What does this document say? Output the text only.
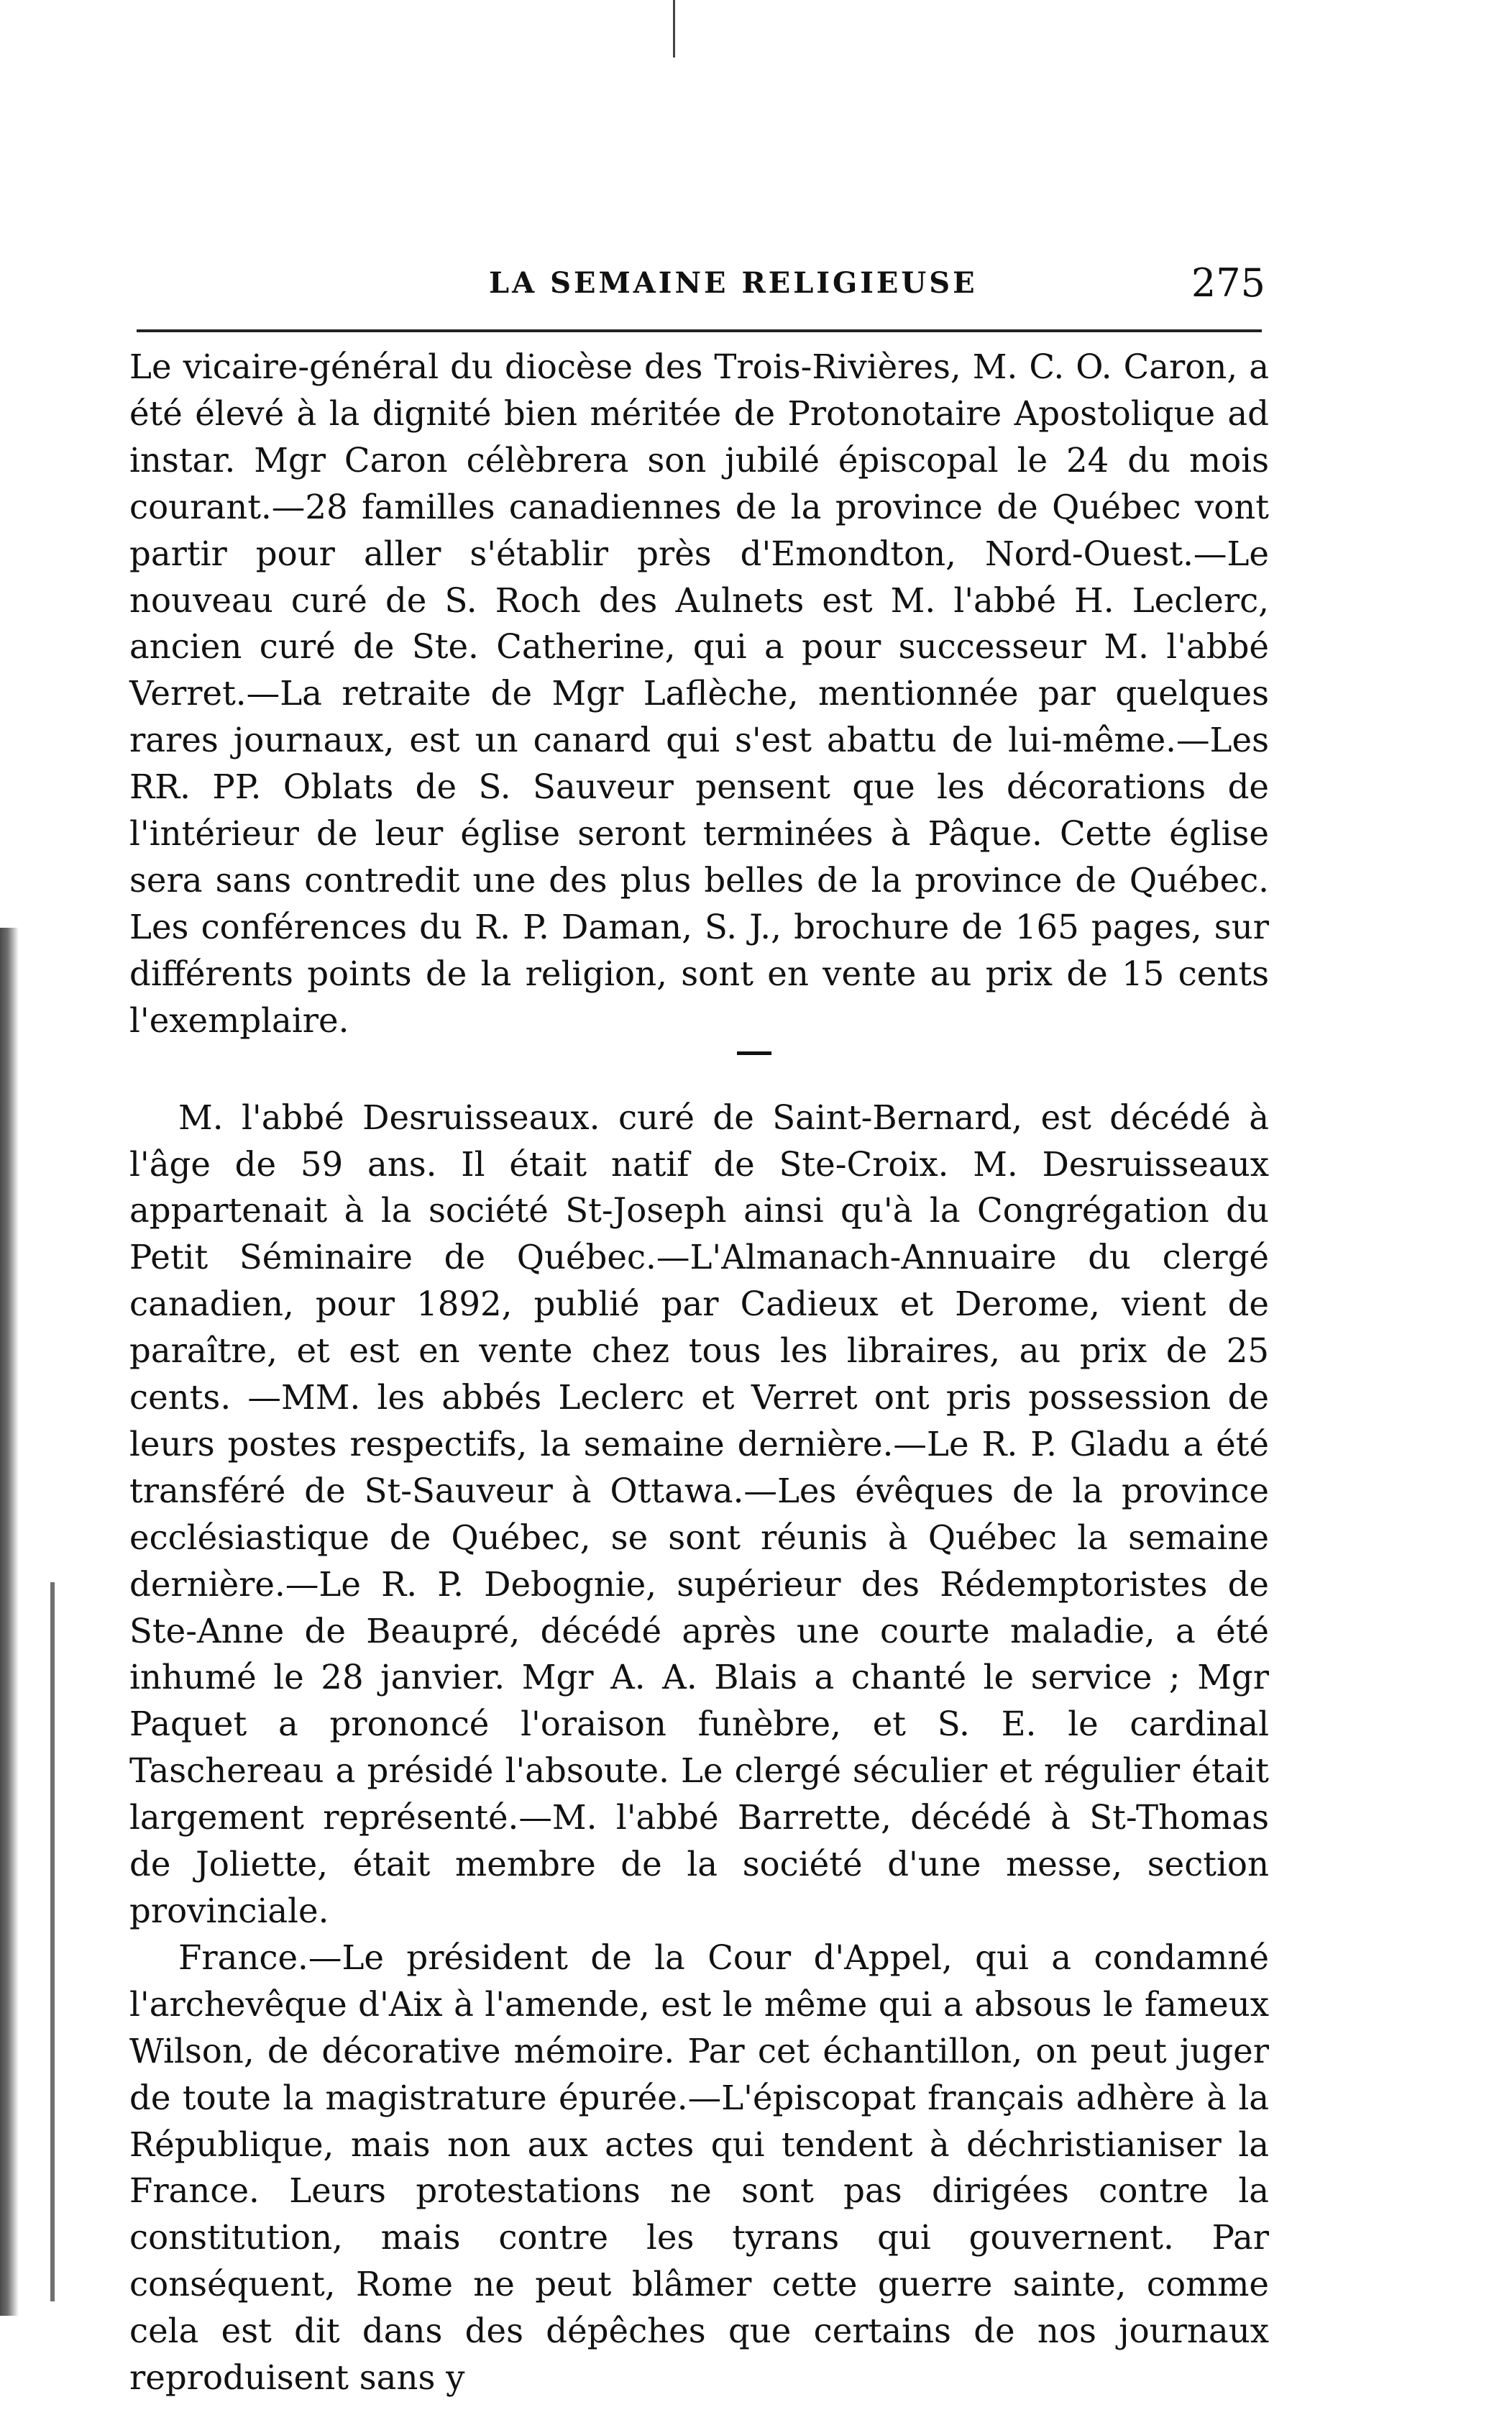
LA SEMAINE RELIGIEUSE	275

Le vicaire-général du diocèse des Trois-Rivières, M. C. O. Caron, a été élevé à la dignité bien méritée de Protonotaire Apostolique ad instar. Mgr Caron célèbrera son jubilé épiscopal le 24 du mois courant.—28 familles canadiennes de la province de Québec vont partir pour aller s'établir près d'Emondton, Nord-Ouest.—Le nouveau curé de S. Roch des Aulnets est M. l'abbé H. Leclerc, ancien curé de Ste. Catherine, qui a pour successeur M. l'abbé Verret.—La retraite de Mgr Laflèche, mentionnée par quelques rares journaux, est un canard qui s'est abattu de lui-même.—Les RR. PP. Oblats de S. Sauveur pensent que les décorations de l'intérieur de leur église seront terminées à Pâque. Cette église sera sans contredit une des plus belles de la province de Québec. Les conférences du R. P. Daman, S. J., brochure de 165 pages, sur différents points de la religion, sont en vente au prix de 15 cents l'exemplaire.

M. l'abbé Desruisseaux. curé de Saint-Bernard, est décédé à l'âge de 59 ans. Il était natif de Ste-Croix. M. Desruisseaux appartenait à la société St-Joseph ainsi qu'à la Congrégation du Petit Séminaire de Québec.—L'Almanach-Annuaire du clergé canadien, pour 1892, publié par Cadieux et Derome, vient de paraître, et est en vente chez tous les libraires, au prix de 25 cents. —MM. les abbés Leclerc et Verret ont pris possession de leurs postes respectifs, la semaine dernière.—Le R. P. Gladu a été transféré de St-Sauveur à Ottawa.—Les évêques de la province ecclésiastique de Québec, se sont réunis à Québec la semaine dernière.—Le R. P. Debognie, supérieur des Rédemptoristes de Ste-Anne de Beaupré, décédé après une courte maladie, a été inhumé le 28 janvier. Mgr A. A. Blais a chanté le service ; Mgr Paquet a prononcé l'oraison funèbre, et S. E. le cardinal Taschereau a présidé l'absoute. Le clergé séculier et régulier était largement représenté.—M. l'abbé Barrette, décédé à St-Thomas de Joliette, était membre de la société d'une messe, section provinciale.

France.—Le président de la Cour d'Appel, qui a condamné l'archevêque d'Aix à l'amende, est le même qui a absous le fameux Wilson, de décorative mémoire. Par cet échantillon, on peut juger de toute la magistrature épurée.—L'épiscopat français adhère à la République, mais non aux actes qui tendent à déchristianiser la France. Leurs protestations ne sont pas dirigées contre la constitution, mais contre les tyrans qui gouvernent. Par conséquent, Rome ne peut blâmer cette guerre sainte, comme cela est dit dans des dépêches que certains de nos journaux reproduisent sans y
